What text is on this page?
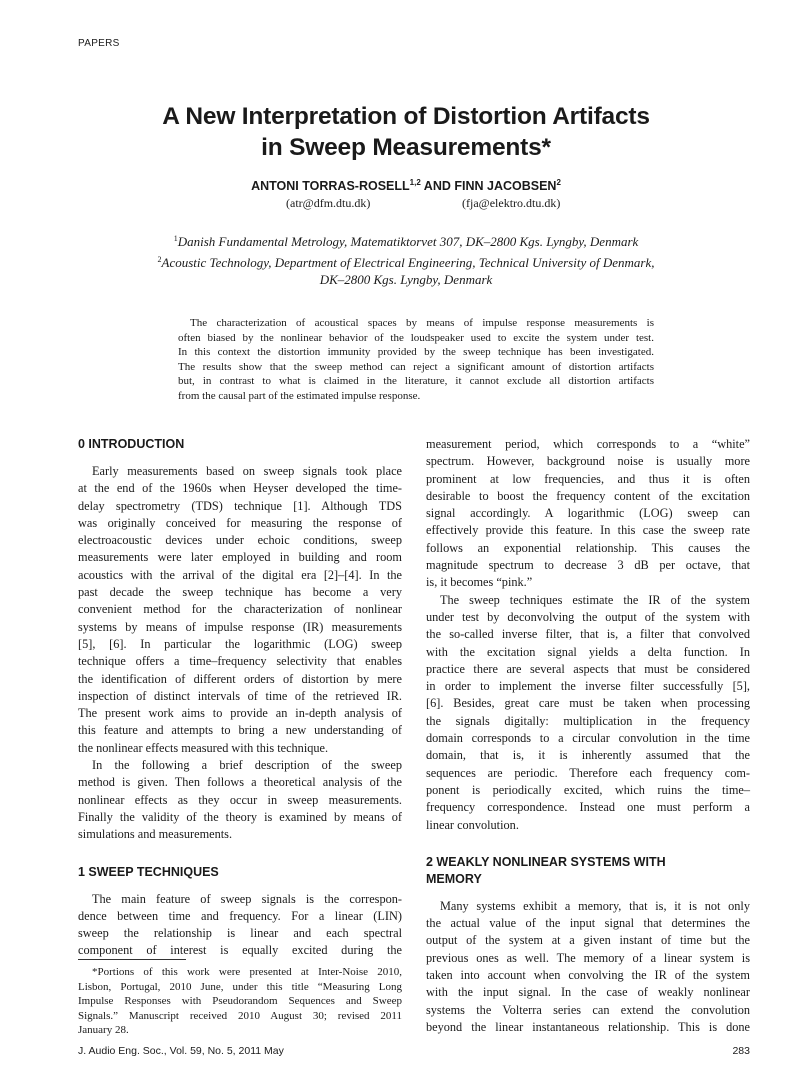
PAPERS
A New Interpretation of Distortion Artifacts
in Sweep Measurements*
ANTONI TORRAS-ROSELL$^{1,2}$ AND FINN JACOBSEN$^2$
(atr@dfm.dtu.dk)	(fja@elektro.dtu.dk)
$^1$Danish Fundamental Metrology, Matematiktorvet 307, DK–2800 Kgs. Lyngby, Denmark
$^2$Acoustic Technology, Department of Electrical Engineering, Technical University of Denmark,
DK–2800 Kgs. Lyngby, Denmark
The characterization of acoustical spaces by means of impulse response measurements is
often biased by the nonlinear behavior of the loudspeaker used to excite the system under test.
In this context the distortion immunity provided by the sweep technique has been investigated.
The results show that the sweep method can reject a significant amount of distortion artifacts
but, in contrast to what is claimed in the literature, it cannot exclude all distortion artifacts
from the causal part of the estimated impulse response.
0 INTRODUCTION
Early measurements based on sweep signals took place
at the end of the 1960s when Heyser developed the time-
delay spectrometry (TDS) technique [1]. Although TDS
was originally conceived for measuring the response of
electroacoustic devices under echoic conditions, sweep
measurements were later employed in building and room
acoustics with the arrival of the digital era [2]–[4]. In the
past decade the sweep technique has become a very
convenient method for the characterization of nonlinear
systems by means of impulse response (IR) measurements
[5], [6]. In particular the logarithmic (LOG) sweep
technique offers a time–frequency selectivity that enables
the identification of different orders of distortion by mere
inspection of distinct intervals of time of the retrieved IR.
The present work aims to provide an in-depth analysis of
this feature and attempts to bring a new understanding of
the nonlinear effects measured with this technique.
In the following a brief description of the sweep
method is given. Then follows a theoretical analysis of the
nonlinear effects as they occur in sweep measurements.
Finally the validity of the theory is examined by means of
simulations and measurements.
1 SWEEP TECHNIQUES
The main feature of sweep signals is the correspon-
dence between time and frequency. For a linear (LIN)
sweep the relationship is linear and each spectral
component of interest is equally excited during the
measurement period, which corresponds to a “white”
spectrum. However, background noise is usually more
prominent at low frequencies, and thus it is often
desirable to boost the frequency content of the excitation
signal accordingly. A logarithmic (LOG) sweep can
effectively provide this feature. In this case the sweep rate
follows an exponential relationship. This causes the
magnitude spectrum to decrease 3 dB per octave, that
is, it becomes “pink.”
The sweep techniques estimate the IR of the system
under test by deconvolving the output of the system with
the so-called inverse filter, that is, a filter that convolved
with the excitation signal yields a delta function. In
practice there are several aspects that must be considered
in order to implement the inverse filter successfully [5],
[6]. Besides, great care must be taken when processing
the signals digitally: multiplication in the frequency
domain corresponds to a circular convolution in the time
domain, that is, it is inherently assumed that the
sequences are periodic. Therefore each frequency com-
ponent is periodically excited, which ruins the time–
frequency correspondence. Instead one must perform a
linear convolution.
2 WEAKLY NONLINEAR SYSTEMS WITH
MEMORY
Many systems exhibit a memory, that is, it is not only
the actual value of the input signal that determines the
output of the system at a given instant of time but the
previous ones as well. The memory of a linear system is
taken into account when convolving the IR of the system
with the input signal. In the case of weakly nonlinear
systems the Volterra series can extend the convolution
beyond the linear instantaneous relationship. This is done
*Portions of this work were presented at Inter-Noise 2010,
Lisbon, Portugal, 2010 June, under this title “Measuring Long
Impulse Responses with Pseudorandom Sequences and Sweep
Signals.” Manuscript received 2010 August 30; revised 2011
January 28.
J. Audio Eng. Soc., Vol. 59, No. 5, 2011 May	283
